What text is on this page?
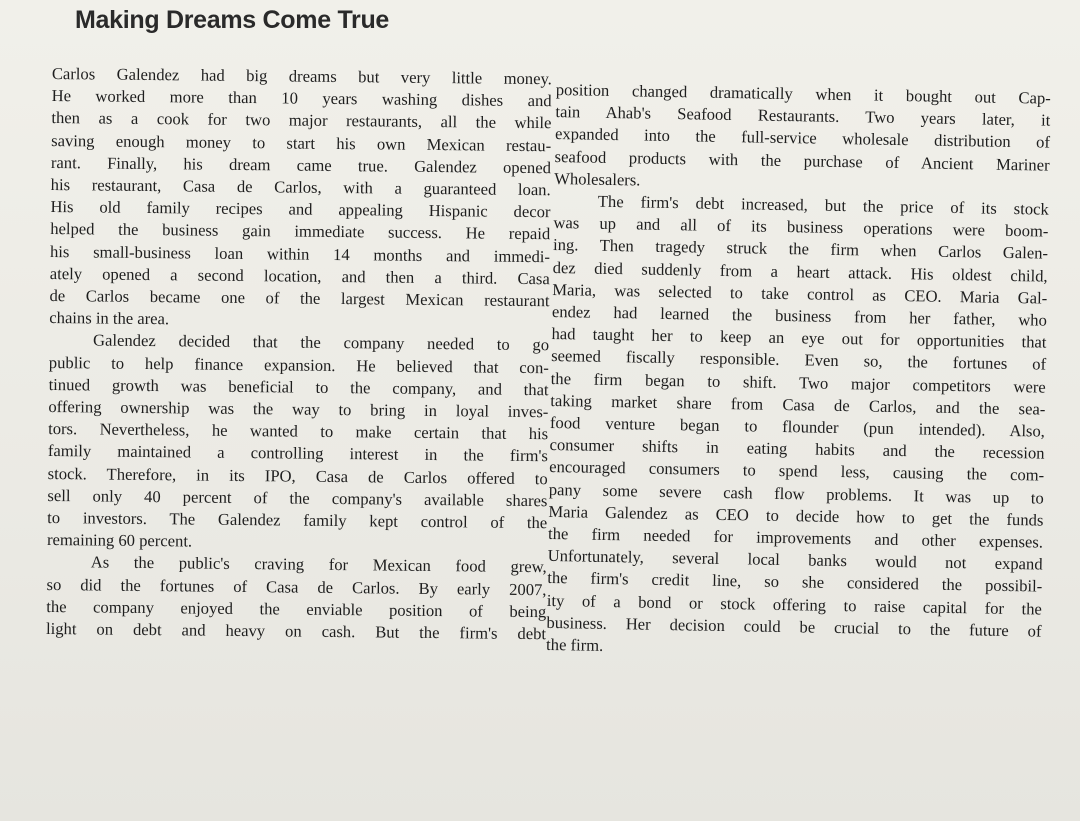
Making Dreams Come True
Carlos Galendez had big dreams but very little money.
He worked more than 10 years washing dishes and
then as a cook for two major restaurants, all the while
saving enough money to start his own Mexican restau-
rant. Finally, his dream came true. Galendez opened
his restaurant, Casa de Carlos, with a guaranteed loan.
His old family recipes and appealing Hispanic decor
helped the business gain immediate success. He repaid
his small-business loan within 14 months and immedi-
ately opened a second location, and then a third. Casa
de Carlos became one of the largest Mexican restaurant
chains in the area.
Galendez decided that the company needed to go
public to help finance expansion. He believed that con-
tinued growth was beneficial to the company, and that
offering ownership was the way to bring in loyal inves-
tors. Nevertheless, he wanted to make certain that his
family maintained a controlling interest in the firm's
stock. Therefore, in its IPO, Casa de Carlos offered to
sell only 40 percent of the company's available shares
to investors. The Galendez family kept control of the
remaining 60 percent.
As the public's craving for Mexican food grew,
so did the fortunes of Casa de Carlos. By early 2007,
the company enjoyed the enviable position of being
light on debt and heavy on cash. But the firm's debt
position changed dramatically when it bought out Cap-
tain Ahab's Seafood Restaurants. Two years later, it
expanded into the full-service wholesale distribution of
seafood products with the purchase of Ancient Mariner
Wholesalers.
The firm's debt increased, but the price of its stock
was up and all of its business operations were boom-
ing. Then tragedy struck the firm when Carlos Galen-
dez died suddenly from a heart attack. His oldest child,
Maria, was selected to take control as CEO. Maria Gal-
endez had learned the business from her father, who
had taught her to keep an eye out for opportunities that
seemed fiscally responsible. Even so, the fortunes of
the firm began to shift. Two major competitors were
taking market share from Casa de Carlos, and the sea-
food venture began to flounder (pun intended). Also,
consumer shifts in eating habits and the recession
encouraged consumers to spend less, causing the com-
pany some severe cash flow problems. It was up to
Maria Galendez as CEO to decide how to get the funds
the firm needed for improvements and other expenses.
Unfortunately, several local banks would not expand
the firm's credit line, so she considered the possibil-
ity of a bond or stock offering to raise capital for the
business. Her decision could be crucial to the future of
the firm.
